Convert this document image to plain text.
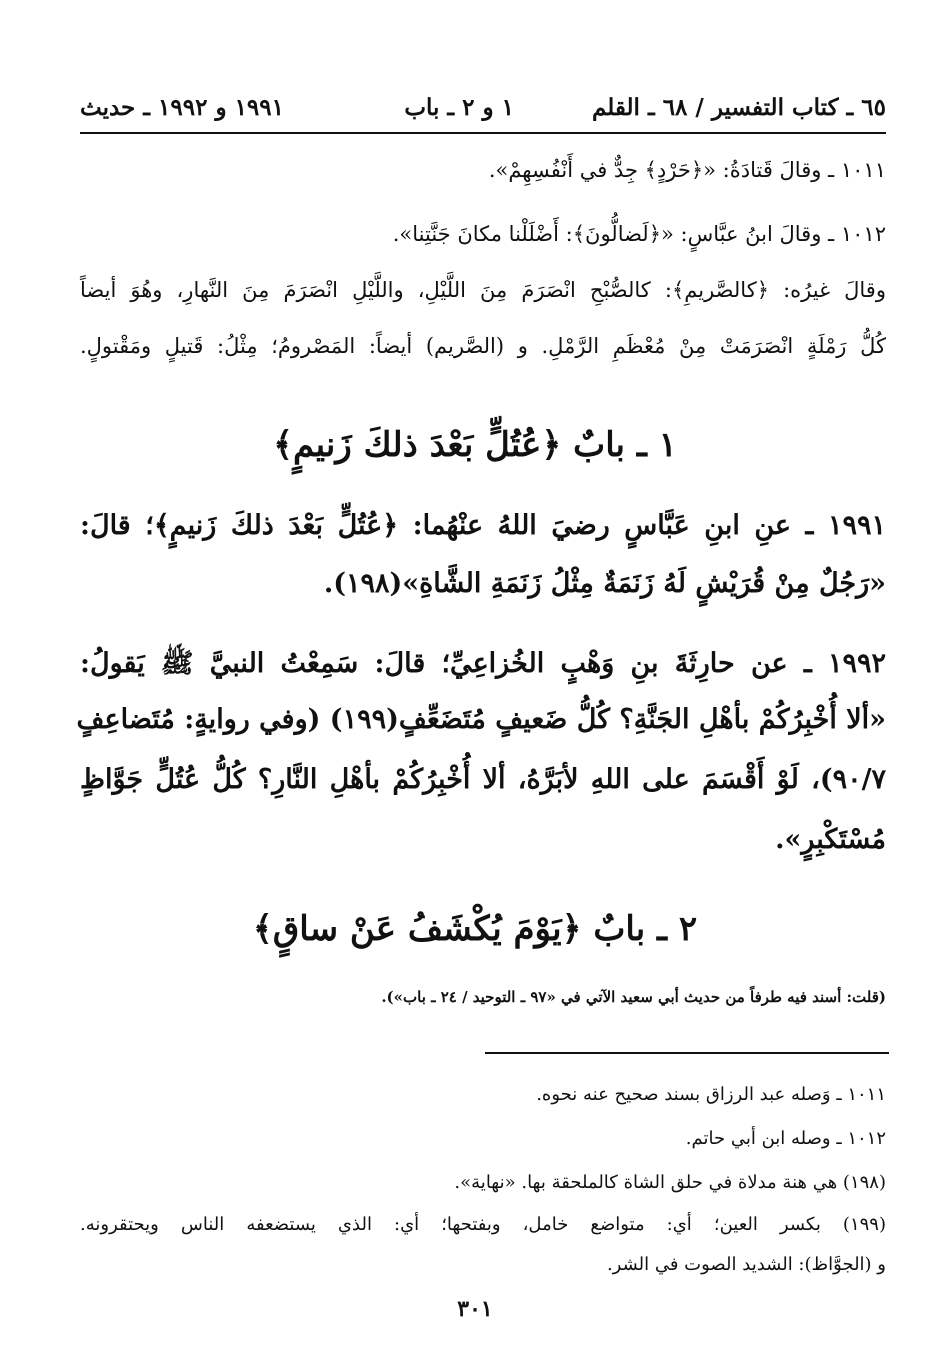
٦٥ ـ كتاب التفسير / ٦٨ ـ القلم
١ و ٢ ـ باب
١٩٩١ و ١٩٩٢ ـ حديث
١٠١١ ـ وقالَ قَتادَةُ: «﴿حَرْدٍ﴾ جِدٌّ في أَنْفُسِهِمْ».
١٠١٢ ـ وقالَ ابنُ عبَّاسٍ: «﴿لَضالُّونَ﴾: أَضْلَلْنا مكانَ جَنَّتِنا».
وقالَ غيرُه: ﴿كالصَّريمِ﴾: كالصُّبْحِ انْصَرَمَ مِنَ اللَّيْلِ، واللَّيْلِ انْصَرَمَ مِنَ النَّهارِ، وهُوَ أيضاً
كُلُّ رَمْلَةٍ انْصَرَمَتْ مِنْ مُعْظَمِ الرَّمْلِ. و (الصَّريم) أيضاً: المَصْرومُ؛ مِثْلُ: قَتيلٍ ومَقْتولٍ.
١ ـ بابٌ ﴿عُتُلٍّ بَعْدَ ذلكَ زَنيمٍ﴾
١٩٩١ ـ عنِ ابنِ عَبَّاسٍ رضيَ اللهُ عنْهُما: ﴿عُتُلٍّ بَعْدَ ذلكَ زَنيمٍ﴾؛ قالَ:
«رَجُلٌ مِنْ قُرَيْشٍ لَهُ زَنَمَةٌ مِثْلُ زَنَمَةِ الشَّاةِ»(١٩٨).
١٩٩٢ ـ عن حارِثَةَ بنِ وَهْبٍ الخُزاعِيِّ؛ قالَ: سَمِعْتُ النبيَّ ﷺ يَقولُ:
«ألا أُخْبِرُكُمْ بأهْلِ الجَنَّةِ؟ كُلُّ ضَعيفٍ مُتَضَعِّفٍ(١٩٩) (وفي روايةٍ: مُتَضاعِفٍ
٩٠/٧)، لَوْ أَقْسَمَ على اللهِ لأبَرَّهُ، ألا أُخْبِرُكُمْ بأهْلِ النَّارِ؟ كُلُّ عُتُلٍّ جَوَّاظٍ
مُسْتَكْبِرٍ».
٢ ـ بابٌ ﴿يَوْمَ يُكْشَفُ عَنْ ساقٍ﴾
(قلت: أسند فيه طرفاً من حديث أبي سعيد الآتي في «٩٧ ـ التوحيد / ٢٤ ـ باب»).
١٠١١ ـ وَصله عبد الرزاق بسند صحيح عنه نحوه.
١٠١٢ ـ وصله ابن أبي حاتم.
(١٩٨) هي هنة مدلاة في حلق الشاة كالملحقة بها. «نهاية».
(١٩٩) بكسر العين؛ أي: متواضع خامل، وبفتحها؛ أي: الذي يستضعفه الناس ويحتقرونه.
و (الجوَّاظ): الشديد الصوت في الشر.
٣٠١
